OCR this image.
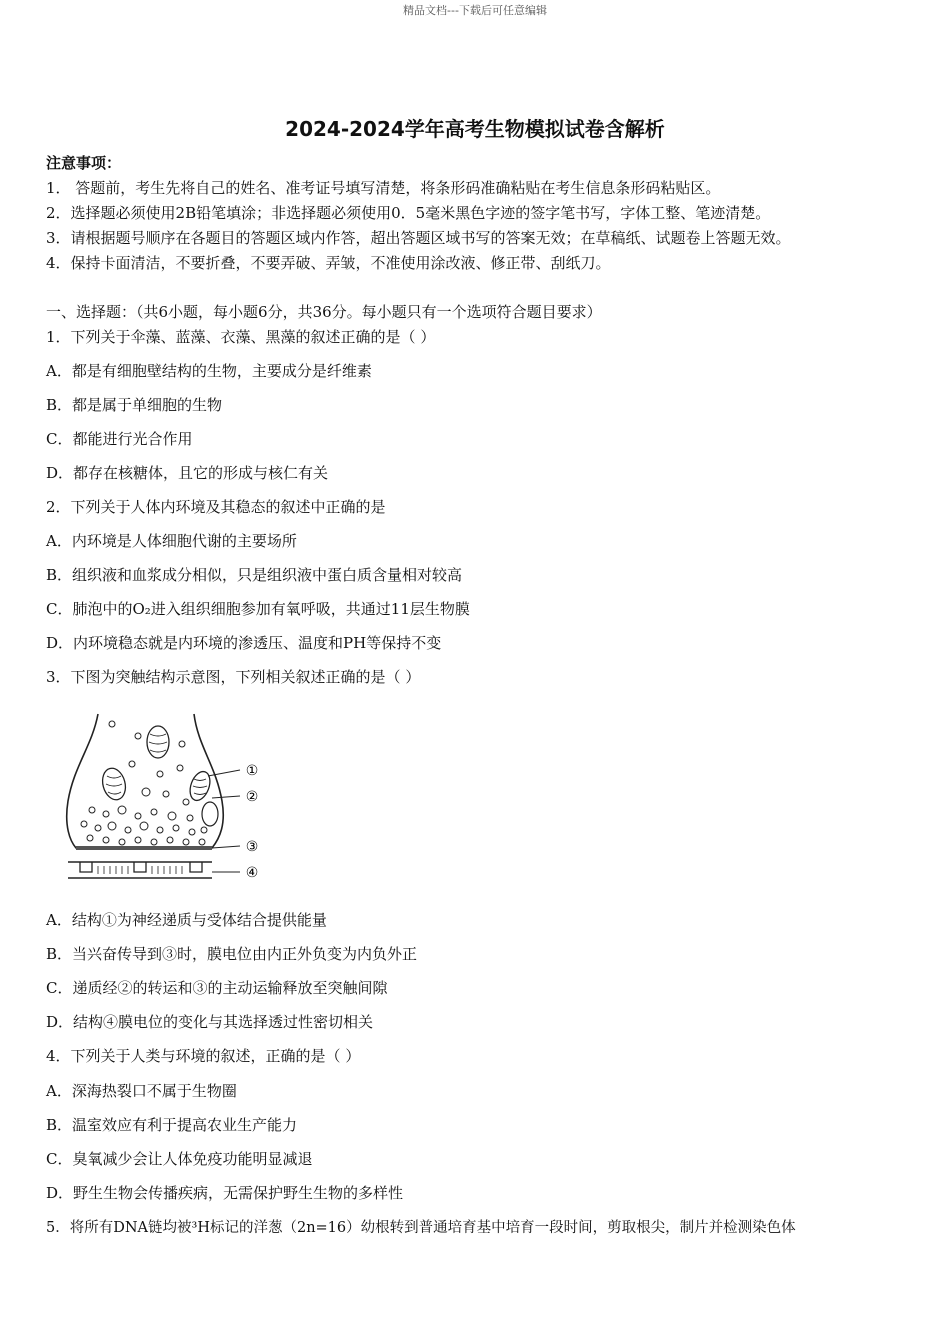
精品文档---下载后可任意编辑
2024-2024学年高考生物模拟试卷含解析
注意事项：
1． 答题前，考生先将自己的姓名、准考证号填写清楚，将条形码准确粘贴在考生信息条形码粘贴区。
2．选择题必须使用2B铅笔填涂；非选择题必须使用0．5毫米黑色字迹的签字笔书写，字体工整、笔迹清楚。
3．请根据题号顺序在各题目的答题区域内作答，超出答题区域书写的答案无效；在草稿纸、试题卷上答题无效。
4．保持卡面清洁，不要折叠，不要弄破、弄皱，不准使用涂改液、修正带、刮纸刀。
一、选择题：（共6小题，每小题6分，共36分。每小题只有一个选项符合题目要求）
1．下列关于伞藻、蓝藻、衣藻、黑藻的叙述正确的是（ ）
A．都是有细胞壁结构的生物，主要成分是纤维素
B．都是属于单细胞的生物
C．都能进行光合作用
D．都存在核糖体，且它的形成与核仁有关
2．下列关于人体内环境及其稳态的叙述中正确的是
A．内环境是人体细胞代谢的主要场所
B．组织液和血浆成分相似，只是组织液中蛋白质含量相对较高
C．肺泡中的O₂进入组织细胞参加有氧呼吸，共通过11层生物膜
D．内环境稳态就是内环境的渗透压、温度和PH等保持不变
3．下图为突触结构示意图，下列相关叙述正确的是（ ）
①
②
③
④
A．结构①为神经递质与受体结合提供能量
B．当兴奋传导到③时，膜电位由内正外负变为内负外正
C．递质经②的转运和③的主动运输释放至突触间隙
D．结构④膜电位的变化与其选择透过性密切相关
4．下列关于人类与环境的叙述，正确的是（ ）
A．深海热裂口不属于生物圈
B．温室效应有利于提高农业生产能力
C．臭氧减少会让人体免疫功能明显减退
D．野生生物会传播疾病，无需保护野生生物的多样性
5．将所有DNA链均被³H标记的洋葱（2n=16）幼根转到普通培育基中培育一段时间，剪取根尖，制片并检测染色体
